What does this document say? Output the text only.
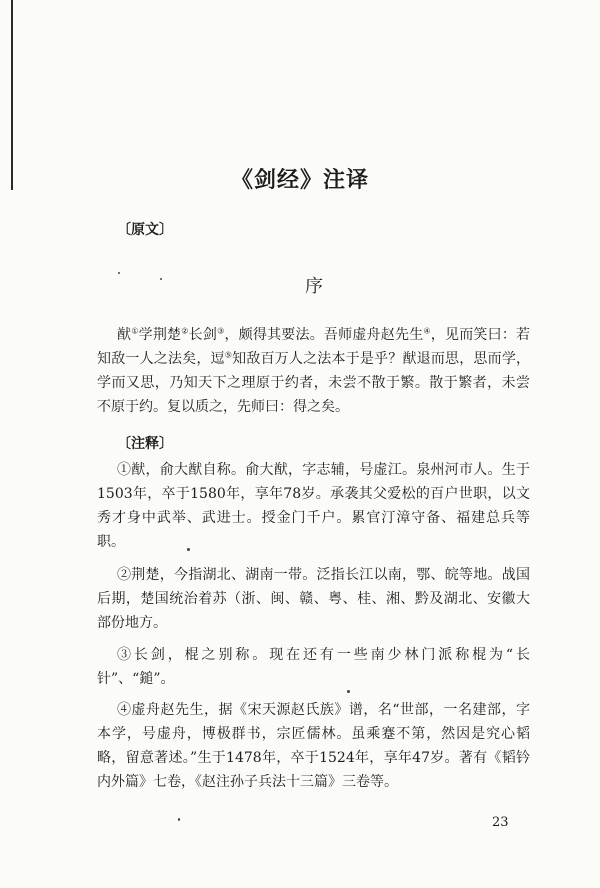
《剑经》注译
〔原文〕
序

猷①学荆楚②长剑③，颇得其要法。吾师虚舟赵先生④，见而笑曰：若知敌一人之法矣，逗⑤知敌百万人之法本于是乎？猷退而思，思而学，学而又思，乃知天下之理原于约者，未尝不散于繁。散于繁者，未尝不原于约。复以质之，先师曰：得之矣。

〔注释〕

①猷，俞大猷自称。俞大猷，字志辅，号虚江。泉州河市人。生于1503年，卒于1580年，享年78岁。承袭其父爱松的百户世职，以文秀才身中武举、武进士。授金门千户。累官汀漳守备、福建总兵等职。

②荆楚，今指湖北、湖南一带。泛指长江以南，鄂、皖等地。战国后期，楚国统治着苏（浙、闽、赣、粤、桂、湘、黔及湖北、安徽大部份地方。

③长剑，棍之别称。现在还有一些南少林门派称棍为“长针”、“鎚”。

④虚舟赵先生，据《宋天源赵氏族》谱，名“世部，一名建部，字本学，号虚舟，博极群书，宗匠儒林。虽乘蹇不第，然因是究心韬略，留意著述。”生于1478年，卒于1524年，享年47岁。著有《韬钤内外篇》七卷，《赵注孙子兵法十三篇》三卷等。

23
